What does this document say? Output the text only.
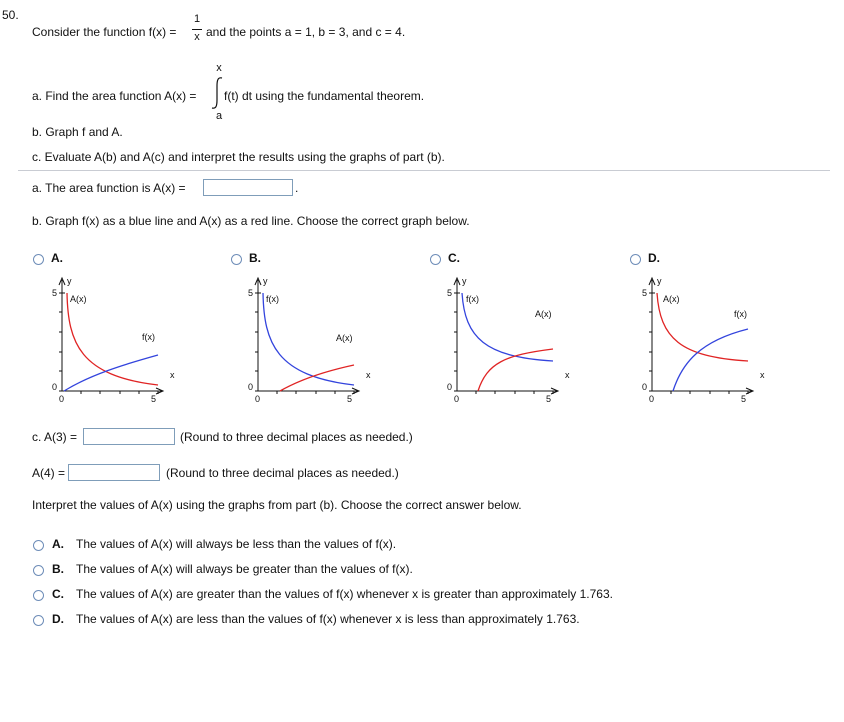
50.
Consider the function f(x) =
1
x and the points a = 1, b = 3, and c = 4.
a. Find the area function A(x) =
x
a
f(t) dt using the fundamental theorem.
b. Graph f and A.
c. Evaluate A(b) and A(c) and interpret the results using the graphs of part (b).
a. The area function is A(x) =	.
b. Graph f(x) as a blue line and A(x) as a red line. Choose the correct graph below.
A.
y
5
0
0	5
x
A(x)
f(x)
B.
y
5
0
0	5
x
f(x)
A(x)
C.
y
5
0
0	5
x
f(x)
A(x)
D.
y
5
0
0	5
x
A(x)
f(x)
c. A(3) =	(Round to three decimal places as needed.)
A(4) =	(Round to three decimal places as needed.)
Interpret the values of A(x) using the graphs from part (b). Choose the correct answer below.
A. The values of A(x) will always be less than the values of f(x).
B. The values of A(x) will always be greater than the values of f(x).
C. The values of A(x) are greater than the values of f(x) whenever x is greater than approximately 1.763.
D. The values of A(x) are less than the values of f(x) whenever x is less than approximately 1.763.
